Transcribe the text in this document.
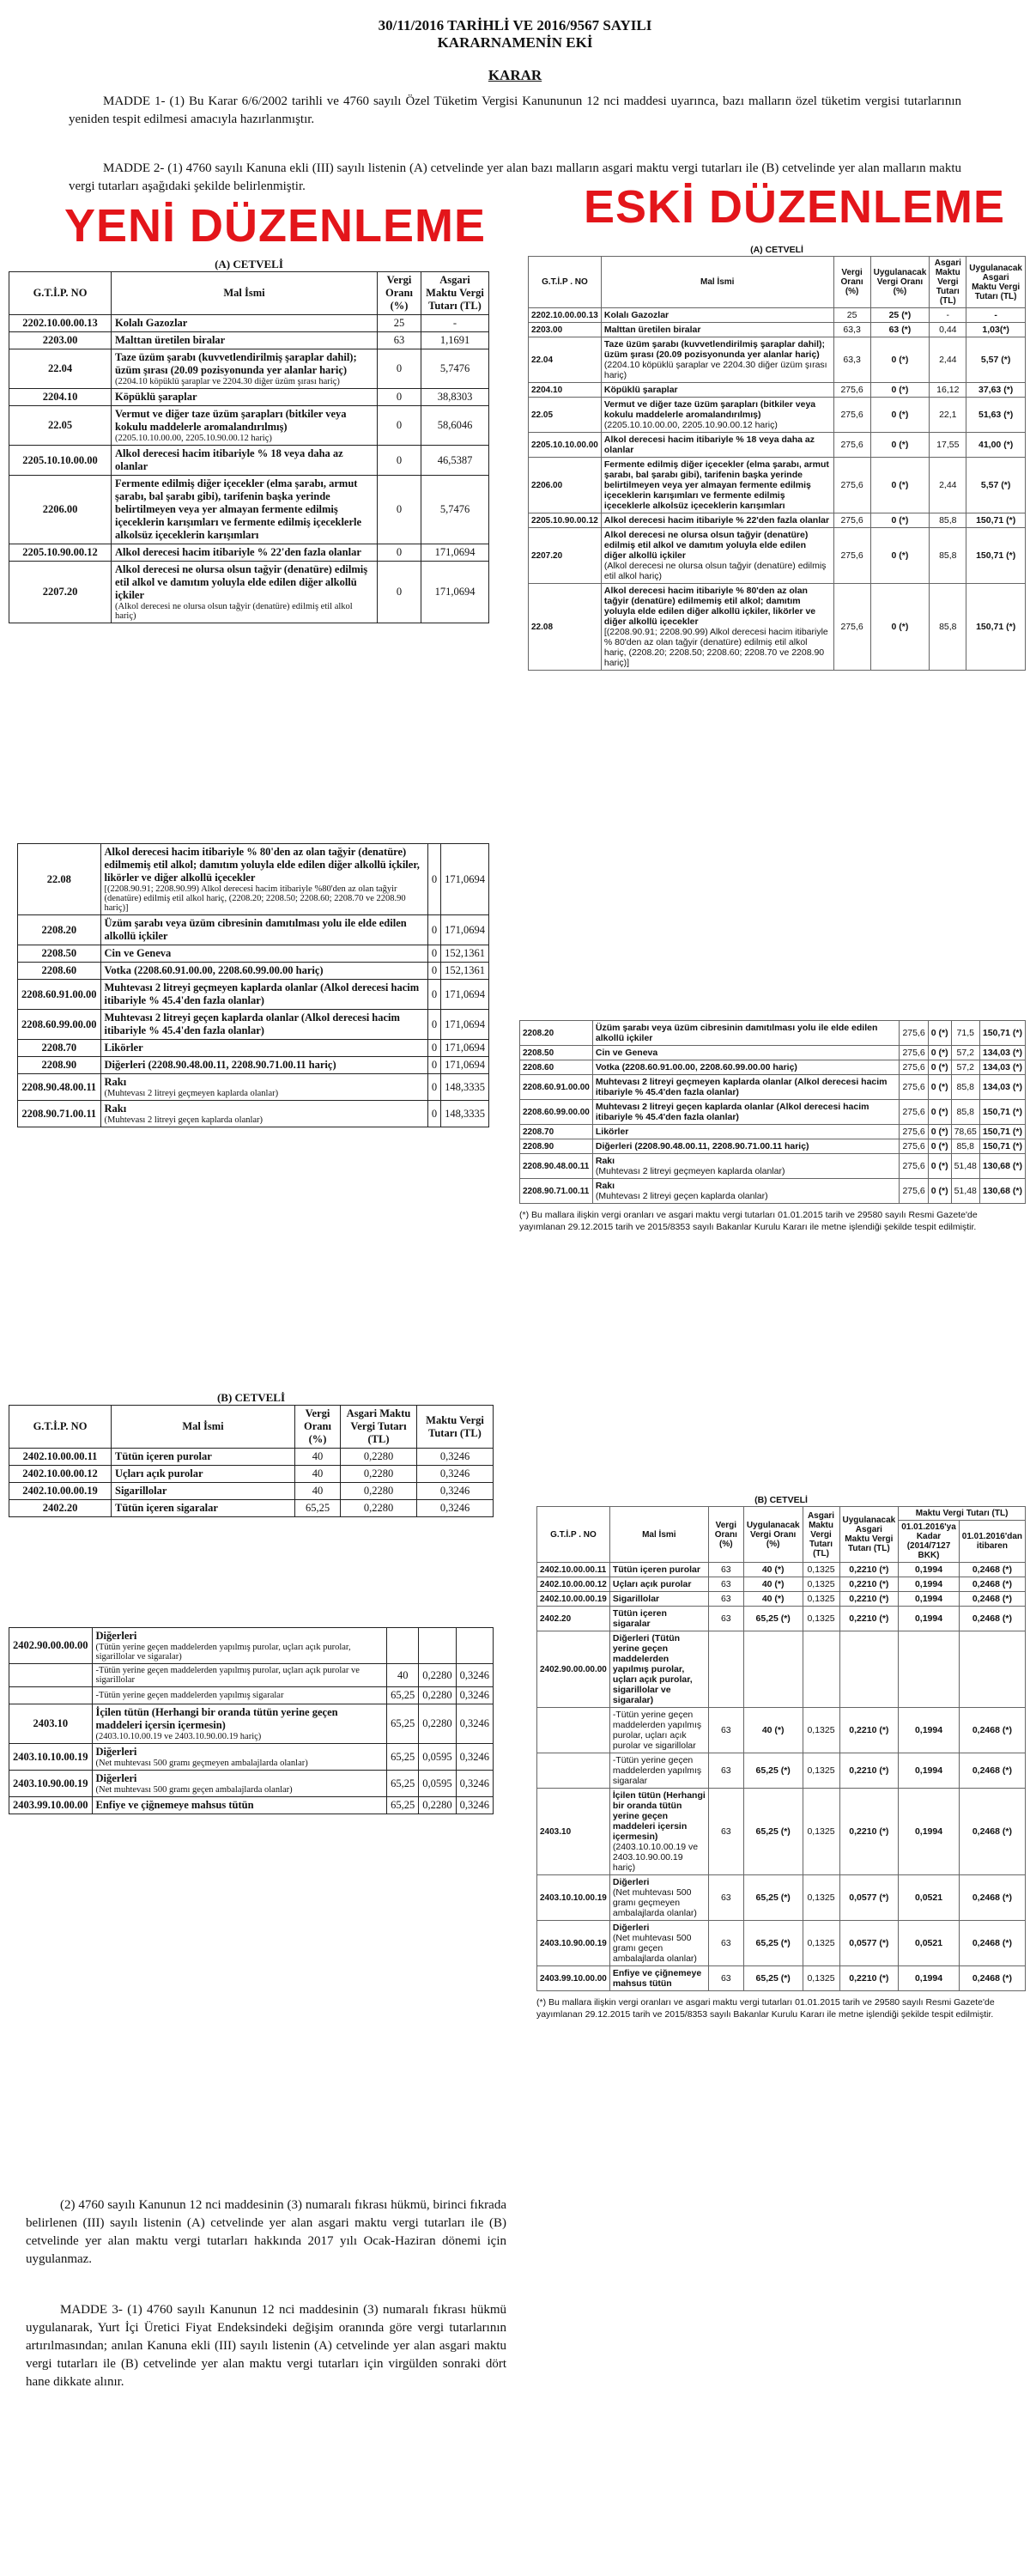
30/11/2016 TARİHLİ VE 2016/9567 SAYILI
KARARNAMENİN EKİ
KARAR
MADDE 1- (1) Bu Karar 6/6/2002 tarihli ve 4760 sayılı Özel Tüketim Vergisi Kanununun 12 nci maddesi uyarınca, bazı malların özel tüketim vergisi tutarlarının yeniden tespit edilmesi amacıyla hazırlanmıştır.
MADDE 2- (1) 4760 sayılı Kanuna ekli (III) sayılı listenin (A) cetvelinde yer alan bazı malların asgari maktu vergi tutarları ile (B) cetvelinde yer alan malların maktu vergi tutarları aşağıdaki şekilde belirlenmiştir.
YENİ DÜZENLEME ESKİ DÜZENLEME
(A) CETVELİ
G.T.İ.P. NO	Mal İsmi	Vergi Oranı (%)	Asgari Maktu Vergi Tutarı (TL)
2202.10.00.00.13	Kolalı Gazozlar	25	-
2203.00	Malttan üretilen biralar	63	1,1691
22.04	Taze üzüm şarabı (kuvvetlendirilmiş şaraplar dahil); üzüm şırası (20.09 pozisyonunda yer alanlar hariç)
(2204.10 köpüklü şaraplar ve 2204.30 diğer üzüm şırası hariç)	0	5,7476
2204.10	Köpüklü şaraplar	0	38,8303
22.05	Vermut ve diğer taze üzüm şarapları (bitkiler veya kokulu maddelerle aromalandırılmış)
(2205.10.10.00.00, 2205.10.90.00.12 hariç)	0	58,6046
2205.10.10.00.00	Alkol derecesi hacim itibariyle % 18 veya daha az olanlar	0	46,5387
2206.00	Fermente edilmiş diğer içecekler (elma şarabı, armut şarabı, bal şarabı gibi), tarifenin başka yerinde belirtilmeyen veya yer almayan fermente edilmiş içeceklerin karışımları ve fermente edilmiş içeceklerle alkolsüz içeceklerin karışımları	0	5,7476
2205.10.90.00.12	Alkol derecesi hacim itibariyle % 22'den fazla olanlar	0	171,0694
2207.20	Alkol derecesi ne olursa olsun tağyir (denatüre) edilmiş etil alkol ve damıtım yoluyla elde edilen diğer alkollü içkiler
(Alkol derecesi ne olursa olsun tağyir (denatüre) edilmiş etil alkol hariç)	0	171,0694
22.08	Alkol derecesi hacim itibariyle % 80'den az olan tağyir (denatüre) edilmemiş etil alkol; damıtım yoluyla elde edilen diğer alkollü içkiler, likörler ve diğer alkollü içecekler
[(2208.90.91; 2208.90.99) Alkol derecesi hacim itibariyle %80'den az olan tağyir (denatüre) edilmiş etil alkol hariç, (2208.20; 2208.50; 2208.60; 2208.70 ve 2208.90 hariç)]	0	171,0694
2208.20	Üzüm şarabı veya üzüm cibresinin damıtılması yolu ile elde edilen alkollü içkiler	0	171,0694
2208.50	Cin ve Geneva	0	152,1361
2208.60	Votka (2208.60.91.00.00, 2208.60.99.00.00 hariç)	0	152,1361
2208.60.91.00.00	Muhtevası 2 litreyi geçmeyen kaplarda olanlar (Alkol derecesi hacim itibariyle % 45.4'den fazla olanlar)	0	171,0694
2208.60.99.00.00	Muhtevası 2 litreyi geçen kaplarda olanlar (Alkol derecesi hacim itibariyle % 45.4'den fazla olanlar)	0	171,0694
2208.70	Likörler	0	171,0694
2208.90	Diğerleri (2208.90.48.00.11, 2208.90.71.00.11 hariç)	0	171,0694
2208.90.48.00.11	Rakı
(Muhtevası 2 litreyi geçmeyen kaplarda olanlar)	0	148,3335
2208.90.71.00.11	Rakı
(Muhtevası 2 litreyi geçen kaplarda olanlar)	0	148,3335
(B) CETVELİ
G.T.İ.P. NO	Mal İsmi	Vergi Oranı (%)	Asgari Maktu Vergi Tutarı (TL)	Maktu Vergi Tutarı (TL)
2402.10.00.00.11	Tütün içeren purolar	40	0,2280	0,3246
2402.10.00.00.12	Uçları açık purolar	40	0,2280	0,3246
2402.10.00.00.19	Sigarillolar	40	0,2280	0,3246
2402.20	Tütün içeren sigaralar	65,25	0,2280	0,3246
2402.90.00.00.00	Diğerleri
(Tütün yerine geçen maddelerden yapılmış purolar, uçları açık purolar, sigarillolar ve sigaralar)			

	-Tütün yerine geçen maddelerden yapılmış purolar, uçları açık purolar ve sigarillolar	40	0,2280	0,3246

	-Tütün yerine geçen maddelerden yapılmış sigaralar	65,25	0,2280	0,3246
2403.10	İçilen tütün (Herhangi bir oranda tütün yerine geçen maddeleri içersin içermesin)
(2403.10.10.00.19 ve 2403.10.90.00.19 hariç)	65,25	0,2280	0,3246
2403.10.10.00.19	Diğerleri
(Net muhtevası 500 gramı geçmeyen ambalajlarda olanlar)	65,25	0,0595	0,3246
2403.10.90.00.19	Diğerleri
(Net muhtevası 500 gramı geçen ambalajlarda olanlar)	65,25	0,0595	0,3246
2403.99.10.00.00	Enfiye ve çiğnemeye mahsus tütün	65,25	0,2280	0,3246
(A) CETVELİ
G.T.İ.P . NO	Mal İsmi	Vergi Oranı (%)	Uygulanacak Vergi Oranı (%)	Asgari Maktu Vergi Tutarı (TL)	Uygulanacak Asgari Maktu Vergi Tutarı (TL)
2202.10.00.00.13	Kolalı Gazozlar	25	25 (*)	-	-
2203.00	Malttan üretilen biralar	63,3	63 (*)	0,44	1,03(*)
22.04	Taze üzüm şarabı (kuvvetlendirilmiş şaraplar dahil); üzüm şırası (20.09 pozisyonunda yer alanlar hariç)
(2204.10 köpüklü şaraplar ve 2204.30 diğer üzüm şırası hariç)	63,3	0 (*)	2,44	5,57 (*)
2204.10	Köpüklü şaraplar	275,6	0 (*)	16,12	37,63 (*)
22.05	Vermut ve diğer taze üzüm şarapları (bitkiler veya kokulu maddelerle aromalandırılmış)
(2205.10.10.00.00, 2205.10.90.00.12 hariç)	275,6	0 (*)	22,1	51,63 (*)
2205.10.10.00.00	Alkol derecesi hacim itibariyle % 18 veya daha az olanlar	275,6	0 (*)	17,55	41,00 (*)
2206.00	Fermente edilmiş diğer içecekler (elma şarabı, armut şarabı, bal şarabı gibi), tarifenin başka yerinde belirtilmeyen veya yer almayan fermente edilmiş içeceklerin karışımları ve fermente edilmiş içeceklerle alkolsüz içeceklerin karışımları	275,6	0 (*)	2,44	5,57 (*)
2205.10.90.00.12	Alkol derecesi hacim itibariyle % 22'den fazla olanlar	275,6	0 (*)	85,8	150,71 (*)
2207.20	Alkol derecesi ne olursa olsun tağyir (denatüre) edilmiş etil alkol ve damıtım yoluyla elde edilen diğer alkollü içkiler
(Alkol derecesi ne olursa olsun tağyir (denatüre) edilmiş etil alkol hariç)	275,6	0 (*)	85,8	150,71 (*)
22.08	Alkol derecesi hacim itibariyle % 80'den az olan tağyir (denatüre) edilmemiş etil alkol; damıtım yoluyla elde edilen diğer alkollü içkiler, likörler ve diğer alkollü içecekler
[(2208.90.91; 2208.90.99) Alkol derecesi hacim itibariyle % 80'den az olan tağyir (denatüre) edilmiş etil alkol hariç, (2208.20; 2208.50; 2208.60; 2208.70 ve 2208.90 hariç)]	275,6	0 (*)	85,8	150,71 (*)
2208.20	Üzüm şarabı veya üzüm cibresinin damıtılması yolu ile elde edilen alkollü içkiler	275,6	0 (*)	71,5	150,71 (*)
2208.50	Cin ve Geneva	275,6	0 (*)	57,2	134,03 (*)
2208.60	Votka (2208.60.91.00.00, 2208.60.99.00.00 hariç)	275,6	0 (*)	57,2	134,03 (*)
2208.60.91.00.00	Muhtevası 2 litreyi geçmeyen kaplarda olanlar (Alkol derecesi hacim itibariyle % 45.4'den fazla olanlar)	275,6	0 (*)	85,8	134,03 (*)
2208.60.99.00.00	Muhtevası 2 litreyi geçen kaplarda olanlar (Alkol derecesi hacim itibariyle % 45.4'den fazla olanlar)	275,6	0 (*)	85,8	150,71 (*)
2208.70	Likörler	275,6	0 (*)	78,65	150,71 (*)
2208.90	Diğerleri (2208.90.48.00.11, 2208.90.71.00.11 hariç)	275,6	0 (*)	85,8	150,71 (*)
2208.90.48.00.11	Rakı
(Muhtevası 2 litreyi geçmeyen kaplarda olanlar)	275,6	0 (*)	51,48	130,68 (*)
2208.90.71.00.11	Rakı
(Muhtevası 2 litreyi geçen kaplarda olanlar)	275,6	0 (*)	51,48	130,68 (*)
(*) Bu mallara ilişkin vergi oranları ve asgari maktu vergi tutarları 01.01.2015 tarih ve 29580 sayılı Resmi Gazete'de yayımlanan 29.12.2015 tarih ve 2015/8353 sayılı Bakanlar Kurulu Kararı ile metne işlendiği şekilde tespit edilmiştir.
(B) CETVELİ
G.T.İ.P . NO	Mal İsmi	Vergi Oranı (%)	Uygulanacak Vergi Oranı (%)	Asgari Maktu Vergi Tutarı (TL)	Uygulanacak Asgari Maktu Vergi Tutarı (TL)	Maktu Vergi Tutarı (TL)	
						01.01.2016'ya Kadar (2014/7127 BKK)	01.01.2016'dan itibaren
2402.10.00.00.11	Tütün içeren purolar	63	40 (*)	0,1325	0,2210 (*)	0,1994	0,2468 (*)
2402.10.00.00.12	Uçları açık purolar	63	40 (*)	0,1325	0,2210 (*)	0,1994	0,2468 (*)
2402.10.00.00.19	Sigarillolar	63	40 (*)	0,1325	0,2210 (*)	0,1994	0,2468 (*)
2402.20	Tütün içeren sigaralar	63	65,25 (*)	0,1325	0,2210 (*)	0,1994	0,2468 (*)
2402.90.00.00.00	Diğerleri (Tütün yerine geçen maddelerden yapılmış purolar, uçları açık purolar, sigarillolar ve sigaralar)						

	-Tütün yerine geçen maddelerden yapılmış purolar, uçları açık purolar ve sigarillolar	63	40 (*)	0,1325	0,2210 (*)	0,1994	0,2468 (*)

	-Tütün yerine geçen maddelerden yapılmış sigaralar	63	65,25 (*)	0,1325	0,2210 (*)	0,1994	0,2468 (*)
2403.10	İçilen tütün (Herhangi bir oranda tütün yerine geçen maddeleri içersin içermesin)
(2403.10.10.00.19 ve 2403.10.90.00.19 hariç)	63	65,25 (*)	0,1325	0,2210 (*)	0,1994	0,2468 (*)
2403.10.10.00.19	Diğerleri
(Net muhtevası 500 gramı geçmeyen ambalajlarda olanlar)	63	65,25 (*)	0,1325	0,0577 (*)	0,0521	0,2468 (*)
2403.10.90.00.19	Diğerleri
(Net muhtevası 500 gramı geçen ambalajlarda olanlar)	63	65,25 (*)	0,1325	0,0577 (*)	0,0521	0,2468 (*)
2403.99.10.00.00	Enfiye ve çiğnemeye mahsus tütün	63	65,25 (*)	0,1325	0,2210 (*)	0,1994	0,2468 (*)
(*) Bu mallara ilişkin vergi oranları ve asgari maktu vergi tutarları 01.01.2015 tarih ve 29580 sayılı Resmi Gazete'de yayımlanan 29.12.2015 tarih ve 2015/8353 sayılı Bakanlar Kurulu Kararı ile metne işlendiği şekilde tespit edilmiştir.
(2) 4760 sayılı Kanunun 12 nci maddesinin (3) numaralı fıkrası hükmü, birinci fıkrada belirlenen (III) sayılı listenin (A) cetvelinde yer alan asgari maktu vergi tutarları ile (B) cetvelinde yer alan maktu vergi tutarları hakkında 2017 yılı Ocak-Haziran dönemi için uygulanmaz.
MADDE 3- (1) 4760 sayılı Kanunun 12 nci maddesinin (3) numaralı fıkrası hükmü uygulanarak, Yurt İçi Üretici Fiyat Endeksindeki değişim oranında göre vergi tutarlarının artırılmasından; anılan Kanuna ekli (III) sayılı listenin (A) cetvelinde yer alan asgari maktu vergi tutarları ile (B) cetvelinde yer alan maktu vergi tutarları için virgülden sonraki dört hane dikkate alınır.
